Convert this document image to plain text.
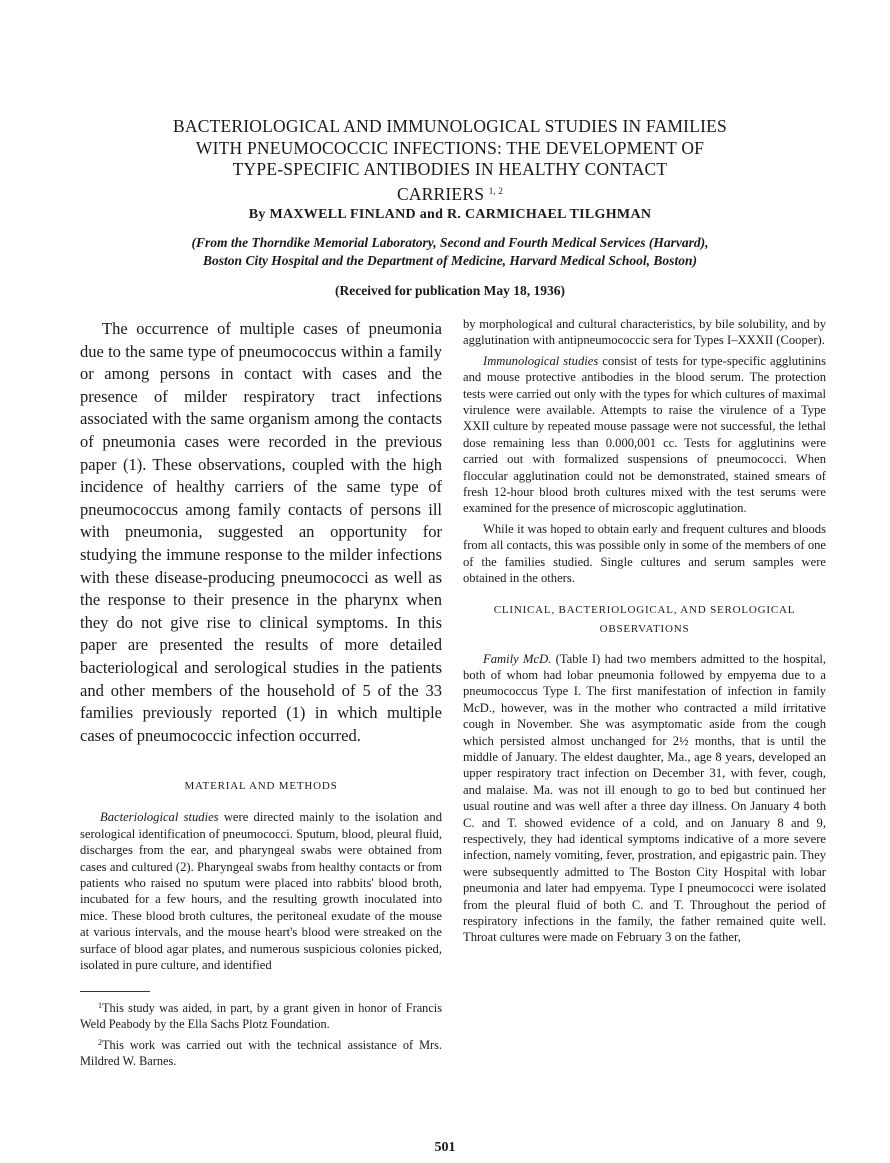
BACTERIOLOGICAL AND IMMUNOLOGICAL STUDIES IN FAMILIES
WITH PNEUMOCOCCIC INFECTIONS: THE DEVELOPMENT OF
TYPE-SPECIFIC ANTIBODIES IN HEALTHY CONTACT
CARRIERS $^{1, 2}$
By MAXWELL FINLAND and R. CARMICHAEL TILGHMAN
(From the Thorndike Memorial Laboratory, Second and Fourth Medical Services (Harvard),
Boston City Hospital and the Department of Medicine, Harvard Medical School, Boston)
(Received for publication May 18, 1936)

The occurrence of multiple cases of pneumonia due to the same type of pneumococcus within a family or among persons in contact with cases and the presence of milder respiratory tract infections associated with the same organism among the contacts of pneumonia cases were recorded in the previous paper (1). These observations, coupled with the high incidence of healthy carriers of the same type of pneumococcus among family contacts of persons ill with pneumonia, suggested an opportunity for studying the immune response to the milder infections with these disease-producing pneumococci as well as the response to their presence in the pharynx when they do not give rise to clinical symptoms. In this paper are presented the results of more detailed bacteriological and serological studies in the patients and other members of the household of 5 of the 33 families previously reported (1) in which multiple cases of pneumococcic infection occurred.

MATERIAL AND METHODS

Bacteriological studies were directed mainly to the isolation and serological identification of pneumococci. Sputum, blood, pleural fluid, discharges from the ear, and pharyngeal swabs were obtained from cases and cultured (2). Pharyngeal swabs from healthy contacts or from patients who raised no sputum were placed into rabbits' blood broth, incubated for a few hours, and the resulting growth inoculated into mice. These blood broth cultures, the peritoneal exudate of the mouse at various intervals, and the mouse heart's blood were streaked on the surface of blood agar plates, and numerous suspicious colonies picked, isolated in pure culture, and identified

$^1$This study was aided, in part, by a grant given in honor of Francis Weld Peabody by the Ella Sachs Plotz Foundation.

$^2$This work was carried out with the technical assistance of Mrs. Mildred W. Barnes.

by morphological and cultural characteristics, by bile solubility, and by agglutination with antipneumococcic sera for Types I–XXXII (Cooper).

Immunological studies consist of tests for type-specific agglutinins and mouse protective antibodies in the blood serum. The protection tests were carried out only with the types for which cultures of maximal virulence were available. Attempts to raise the virulence of a Type XXII culture by repeated mouse passage were not successful, the lethal dose remaining less than 0.000,001 cc. Tests for agglutinins were carried out with formalized suspensions of pneumococci. When floccular agglutination could not be demonstrated, stained smears of fresh 12-hour blood broth cultures mixed with the test serums were examined for the presence of microscopic agglutination.

While it was hoped to obtain early and frequent cultures and bloods from all contacts, this was possible only in some of the members of one of the families studied. Single cultures and serum samples were obtained in the others.

CLINICAL, BACTERIOLOGICAL, AND SEROLOGICAL
OBSERVATIONS

Family McD. (Table I) had two members admitted to the hospital, both of whom had lobar pneumonia followed by empyema due to a pneumococcus Type I. The first manifestation of infection in family McD., however, was in the mother who contracted a mild irritative cough in November. She was asymptomatic aside from the cough which persisted almost unchanged for 2½ months, that is until the middle of January. The eldest daughter, Ma., age 8 years, developed an upper respiratory tract infection on December 31, with fever, cough, and malaise. Ma. was not ill enough to go to bed but continued her usual routine and was well after a three day illness. On January 4 both C. and T. showed evidence of a cold, and on January 8 and 9, respectively, they had identical symptoms indicative of a more severe infection, namely vomiting, fever, prostration, and epigastric pain. They were subsequently admitted to The Boston City Hospital with lobar pneumonia and later had empyema. Type I pneumococci were isolated from the pleural fluid of both C. and T. Throughout the period of respiratory infections in the family, the father remained quite well. Throat cultures were made on February 3 on the father,

501
